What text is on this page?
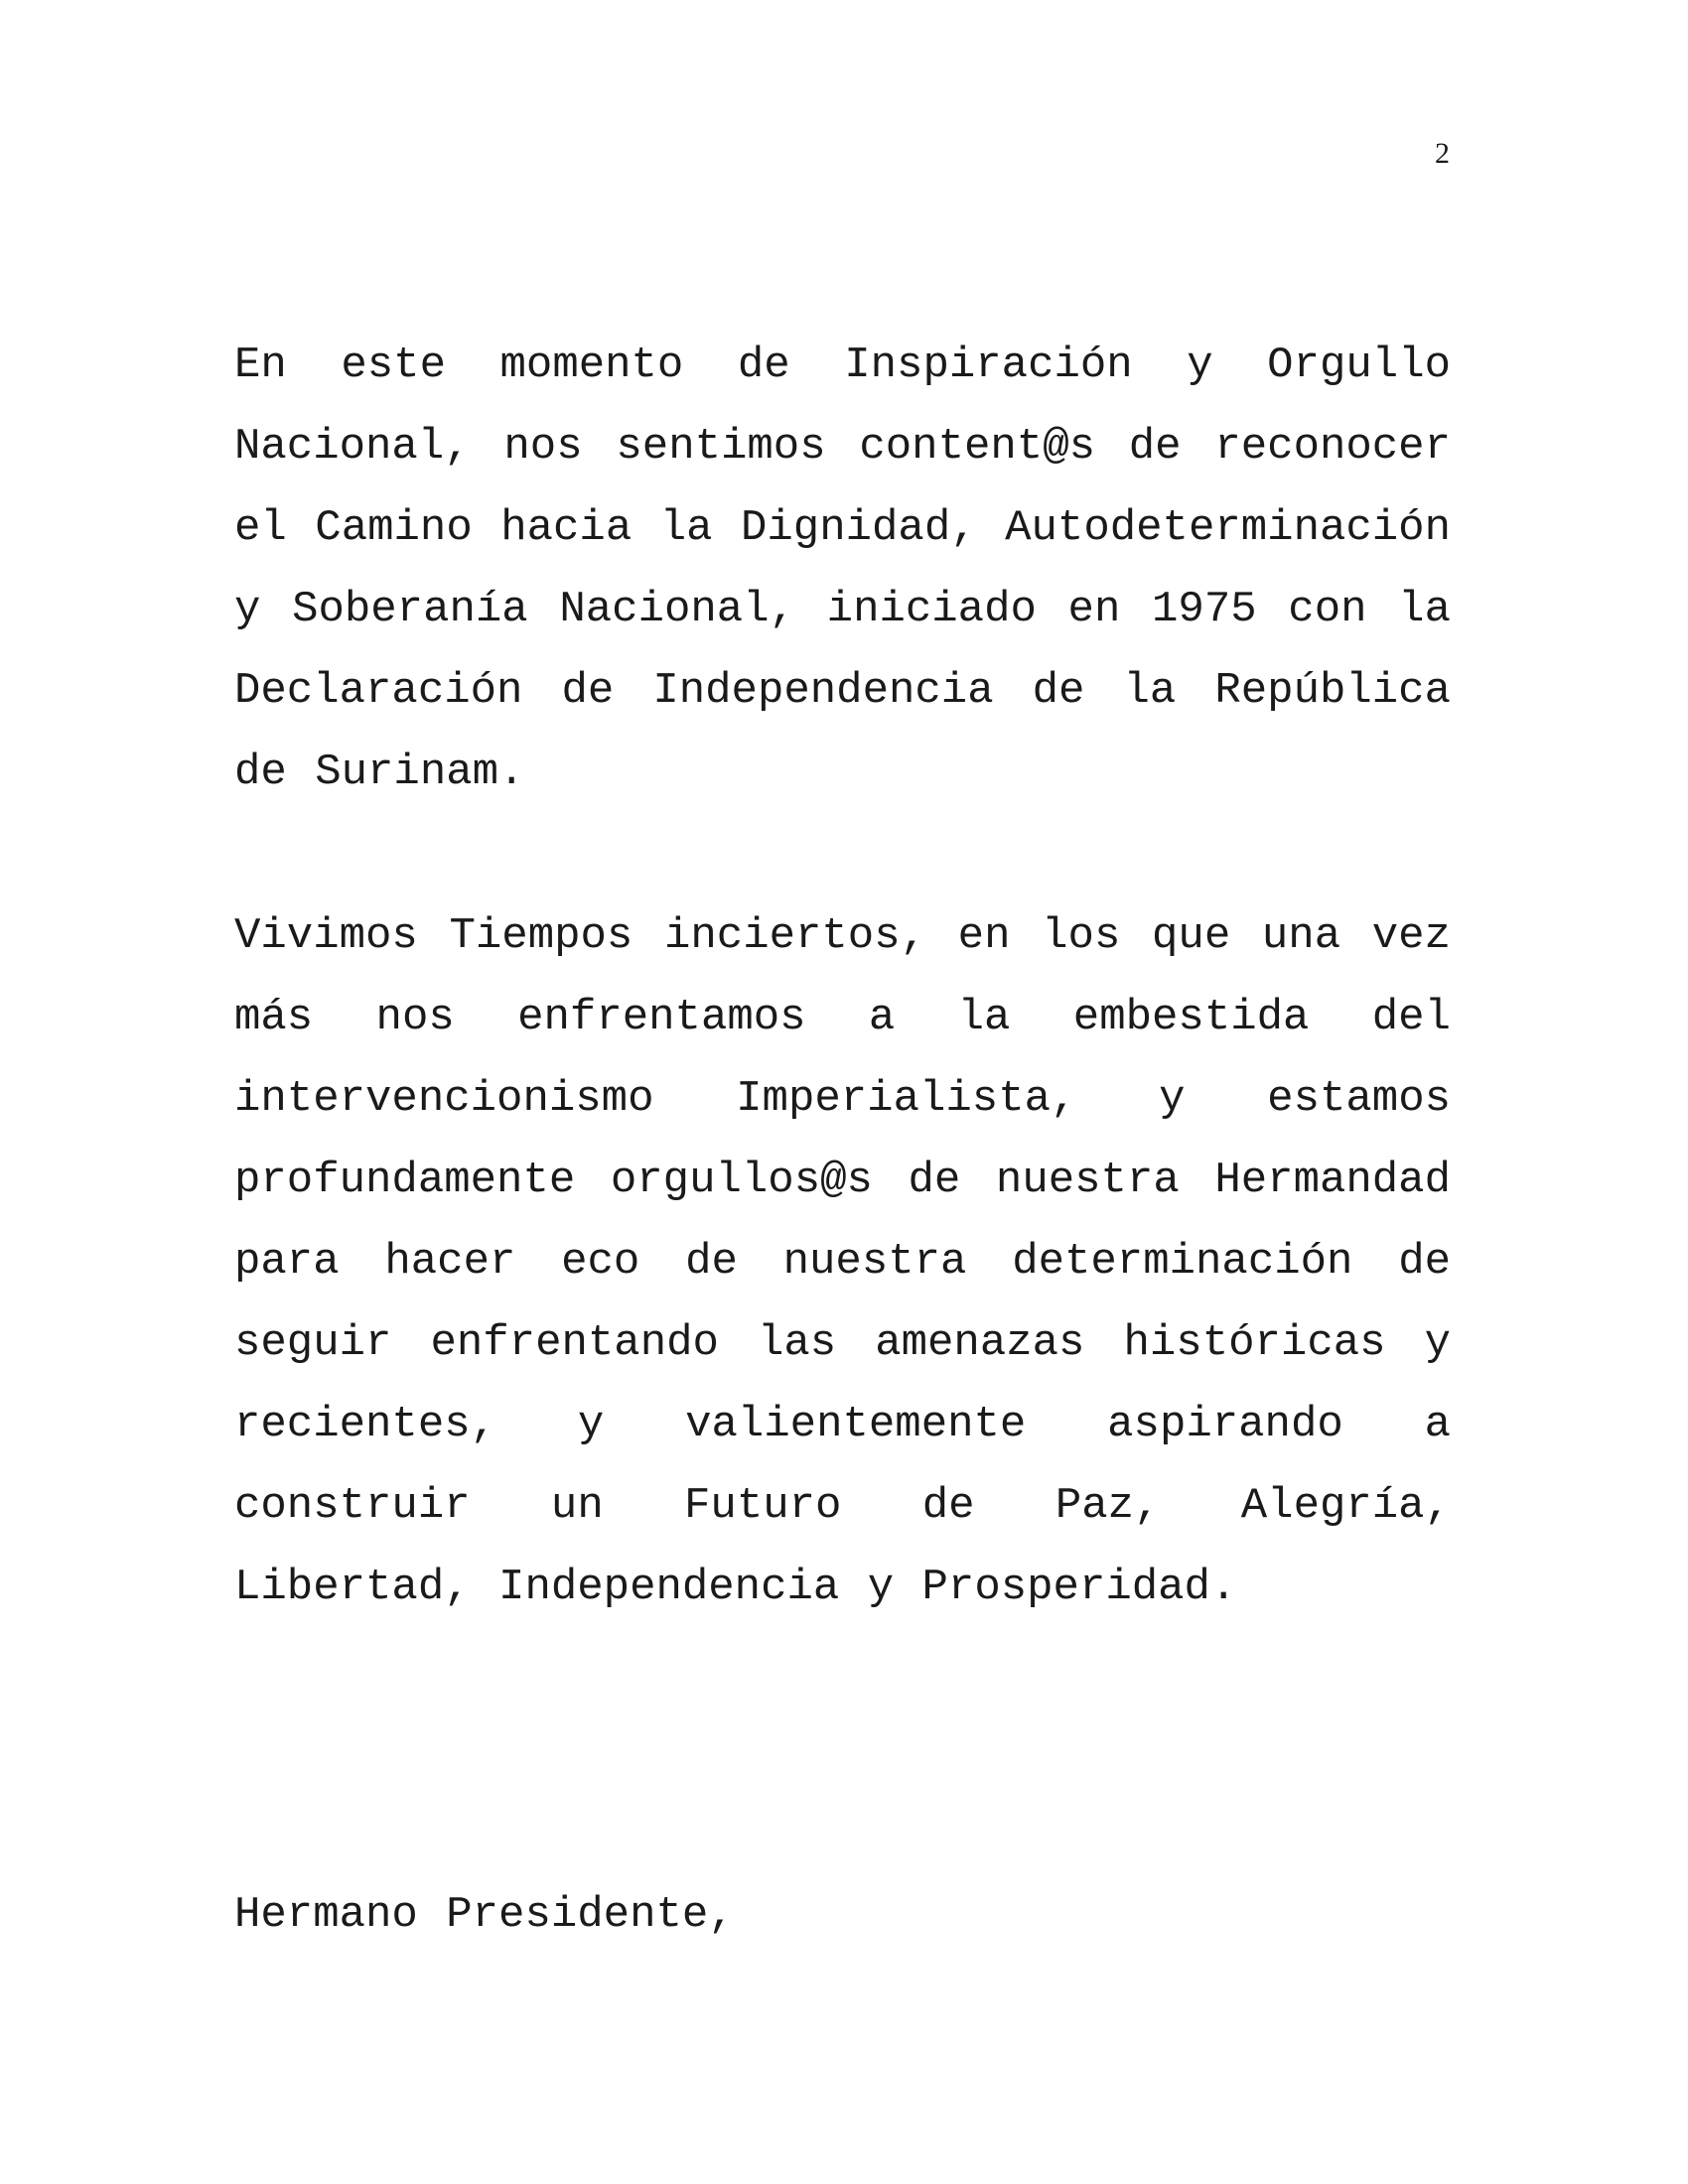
2

En este momento de Inspiración y Orgullo Nacional, nos sentimos content@s de reconocer el Camino hacia la Dignidad, Autodeterminación y Soberanía Nacional, iniciado en 1975 con la Declaración de Independencia de la República de Surinam.

Vivimos Tiempos inciertos, en los que una vez más nos enfrentamos a la embestida del intervencionismo Imperialista, y estamos profundamente orgullos@s de nuestra Hermandad para hacer eco de nuestra determinación de seguir enfrentando las amenazas históricas y recientes, y valientemente aspirando a construir un Futuro de Paz, Alegría, Libertad, Independencia y Prosperidad.

Hermano Presidente,
